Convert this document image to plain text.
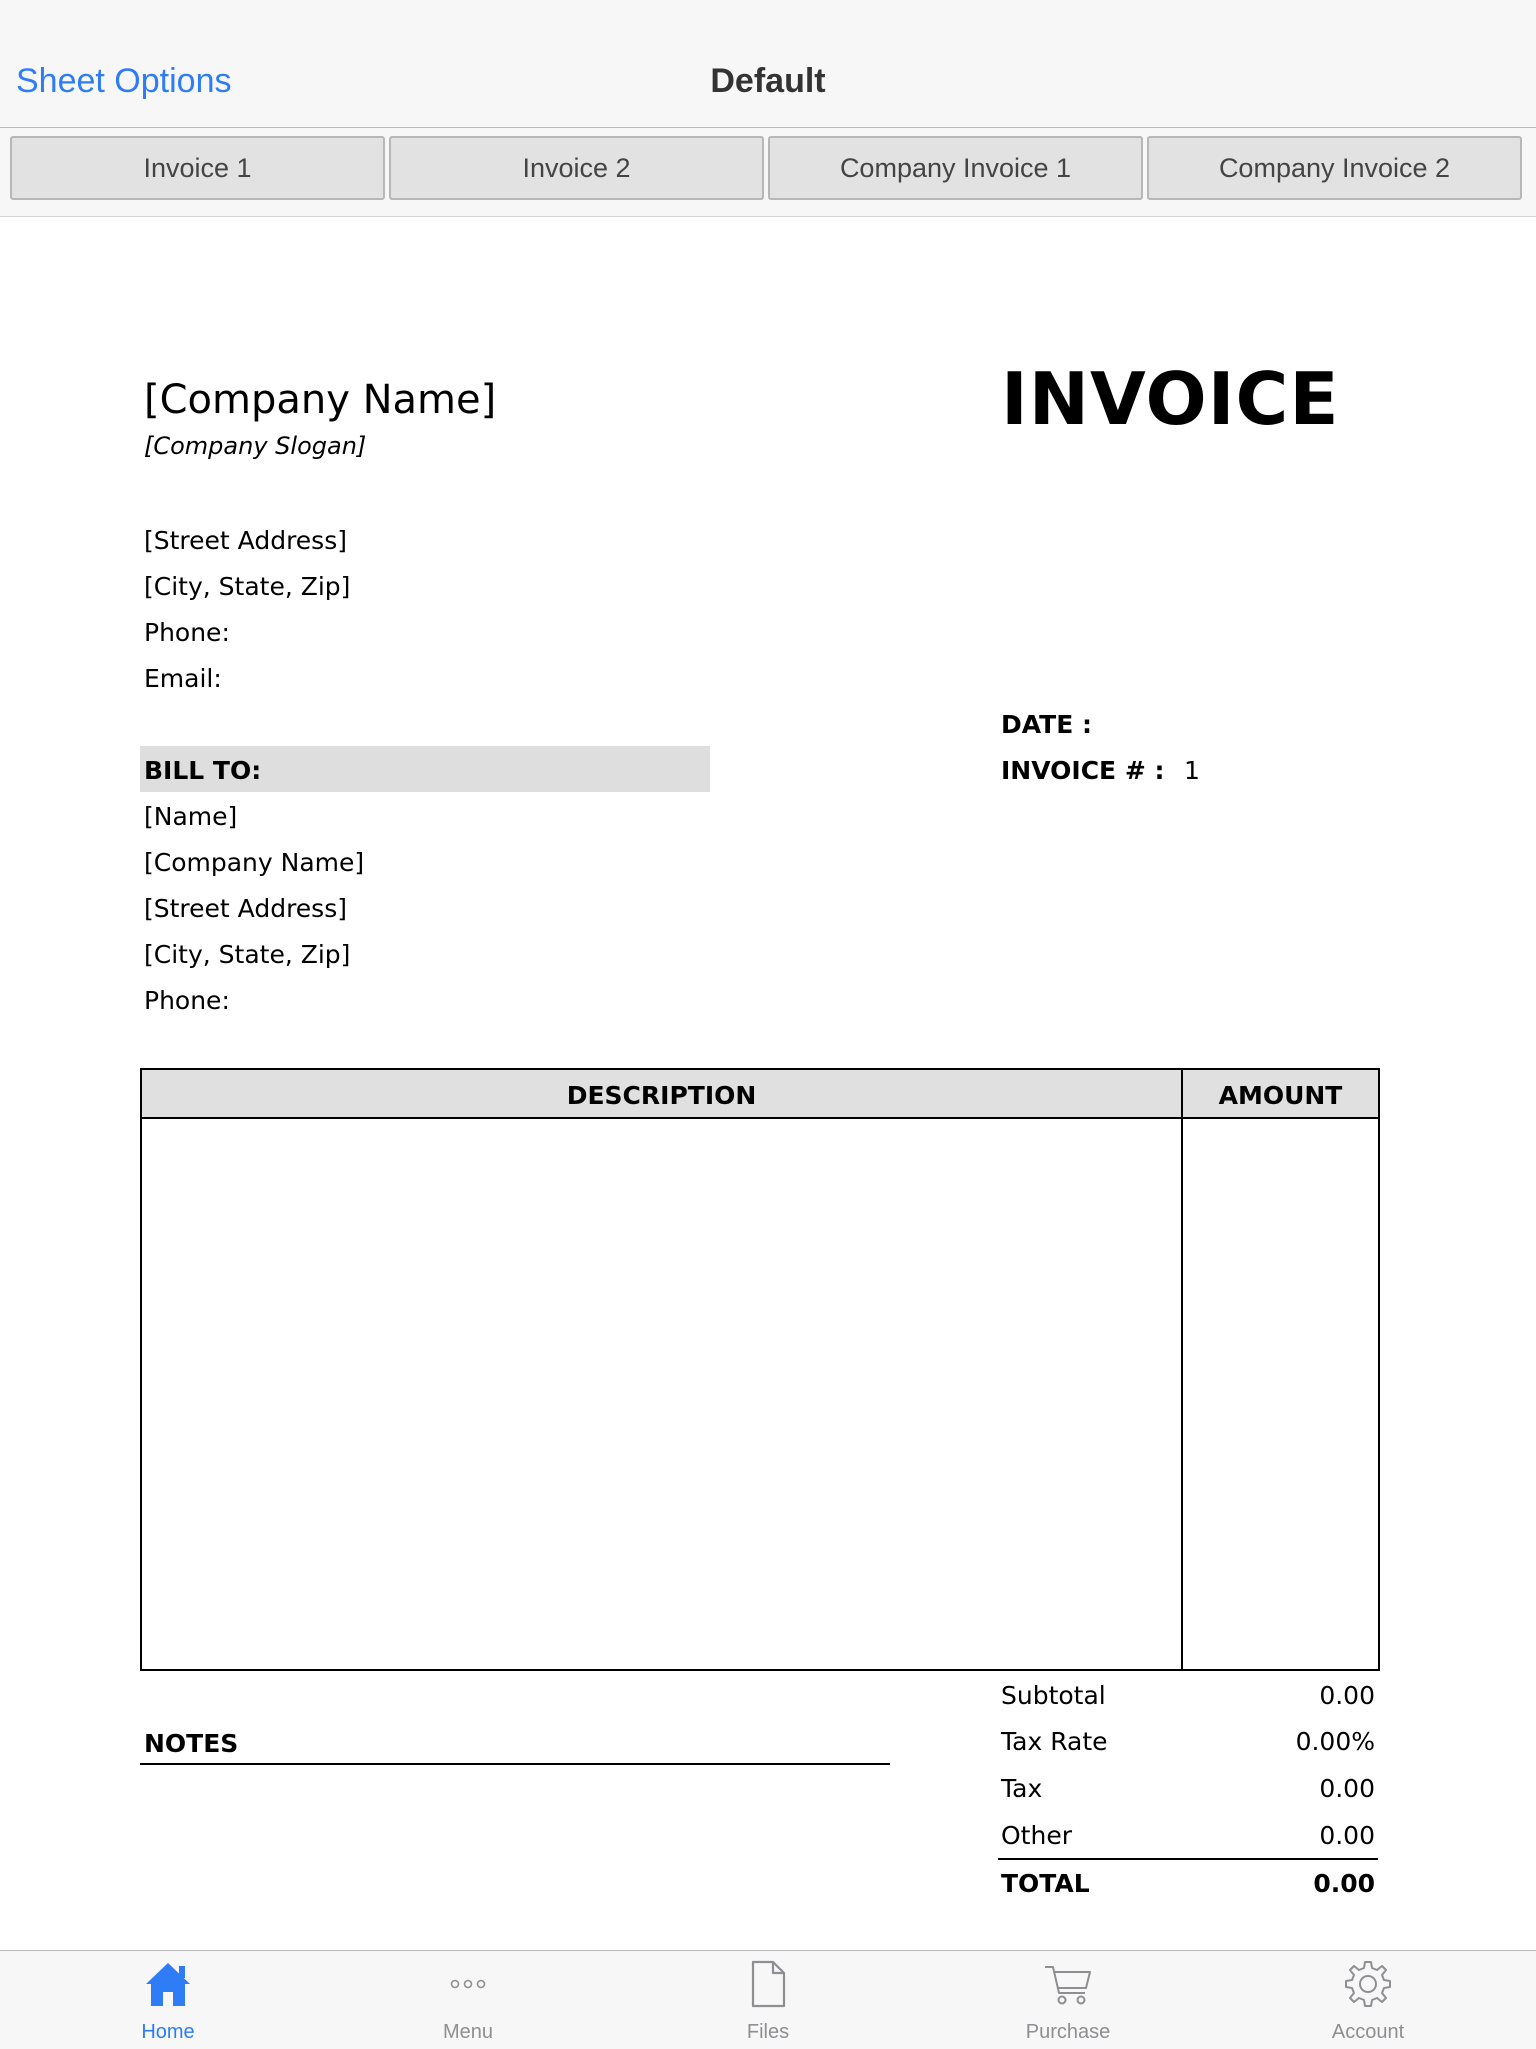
Sheet Options	Default
Invoice 1	Invoice 2	Company Invoice 1	Company Invoice 2
[Company Name]
[Company Slogan]
INVOICE
[Street Address]
[City, State, Zip]
Phone:
Email:
DATE :
INVOICE # : 1
BILL TO:
[Name]
[Company Name]
[Street Address]
[City, State, Zip]
Phone:
DESCRIPTION	AMOUNT
NOTES
Subtotal	0.00
Tax Rate	0.00%
Tax	0.00
Other	0.00
TOTAL	0.00
Home	Menu	Files	Purchase	Account
